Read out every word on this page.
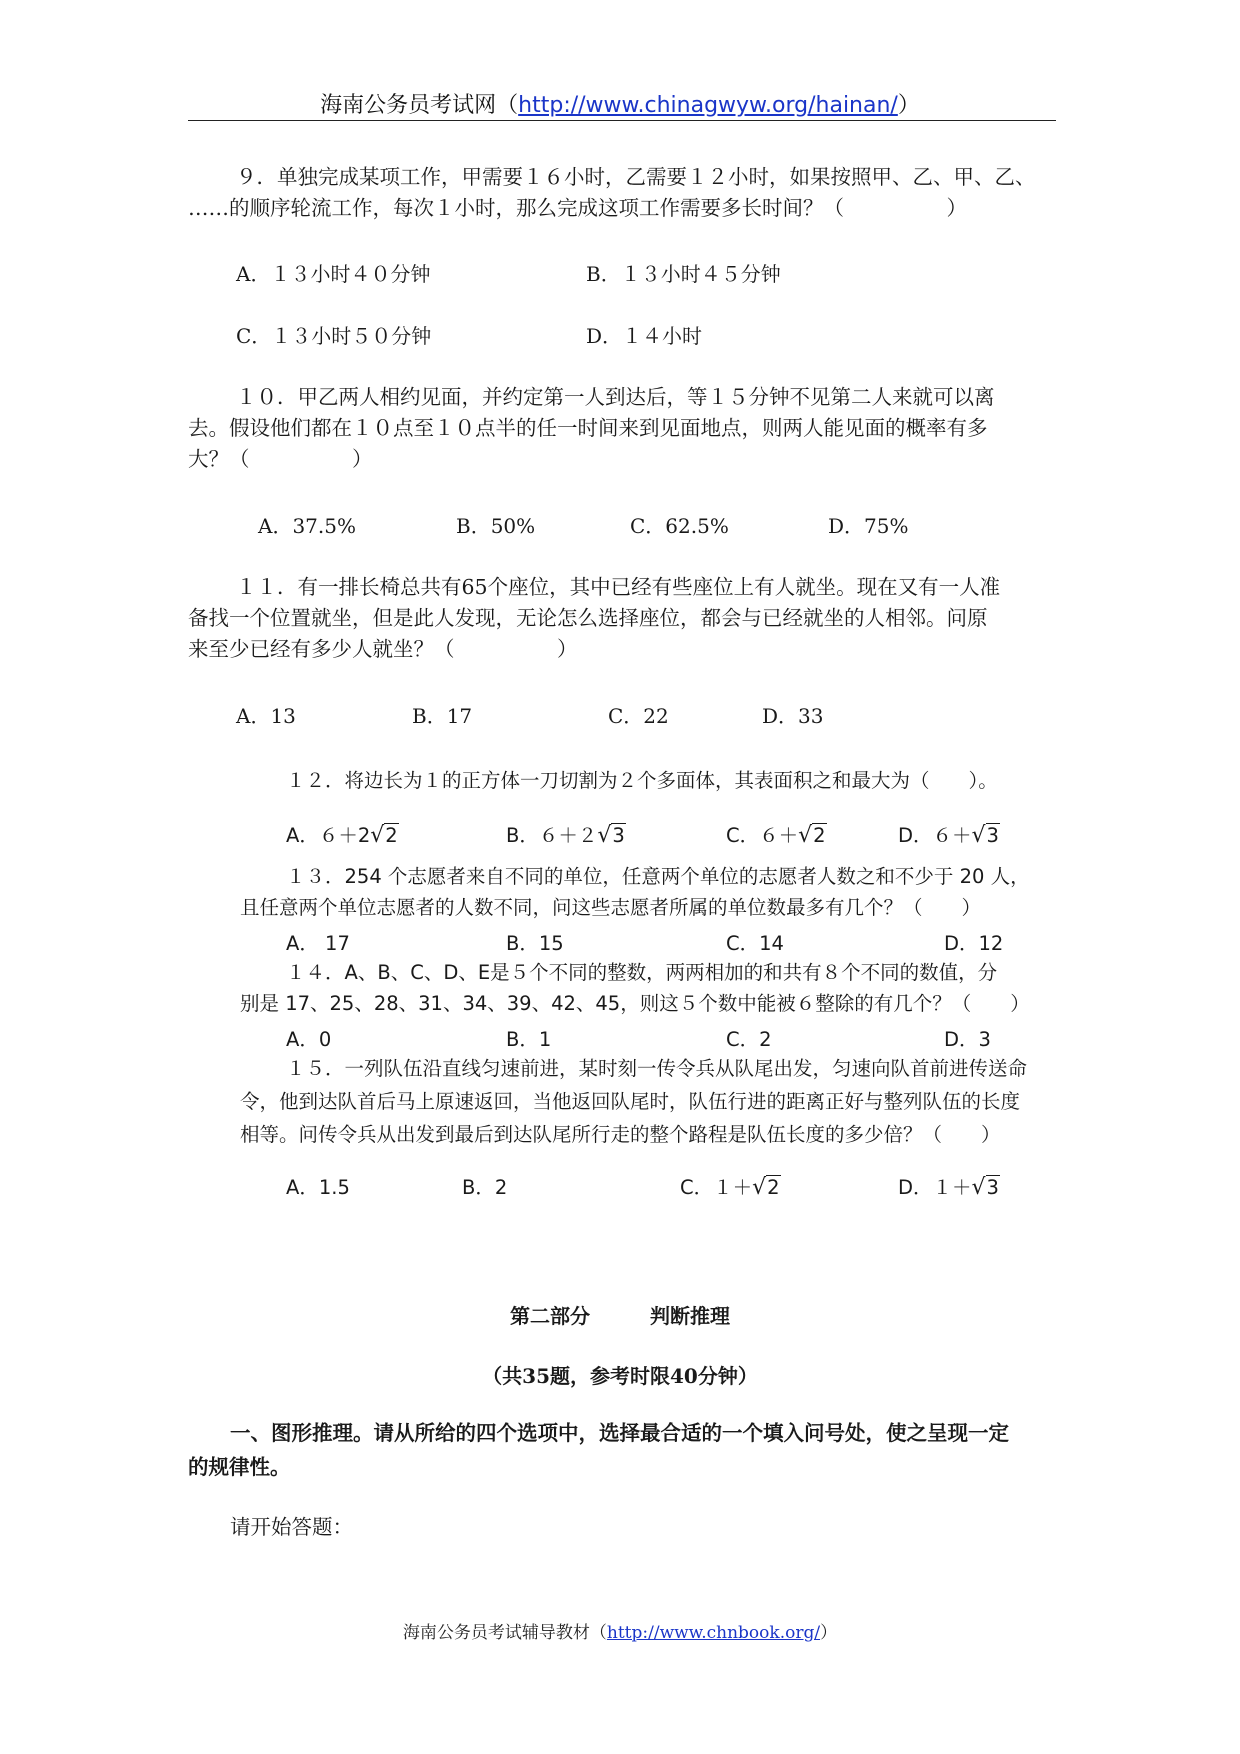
海南公务员考试网（http://www.chinagwyw.org/hainan/）
９．单独完成某项工作，甲需要１６小时，乙需要１２小时，如果按照甲、乙、甲、乙、
……的顺序轮流工作，每次１小时，那么完成这项工作需要多长时间？（　　　　　）
A．１３小时４０分钟	B．１３小时４５分钟
C．１３小时５０分钟	D．１４小时
１０．甲乙两人相约见面，并约定第一人到达后，等１５分钟不见第二人来就可以离
去。假设他们都在１０点至１０点半的任一时间来到见面地点，则两人能见面的概率有多
大？（　　　　　）
A．37.5%	B．50%	C．62.5%	D．75%
１１．有一排长椅总共有65个座位，其中已经有些座位上有人就坐。现在又有一人准
备找一个位置就坐，但是此人发现，无论怎么选择座位，都会与已经就坐的人相邻。问原
来至少已经有多少人就坐？（　　　　　）
A．13	B．17	C．22	D．33
１２．将边长为１的正方体一刀切割为２个多面体，其表面积之和最大为（　　）。
A．６＋2√2	B．６＋２√3	C．６＋√2	D．６＋√3
１３．254 个志愿者来自不同的单位，任意两个单位的志愿者人数之和不少于 20 人，
且任意两个单位志愿者的人数不同，问这些志愿者所属的单位数最多有几个？（　　）
A． 17	B．15	C．14	D．12
１４．A、B、C、D、E是５个不同的整数，两两相加的和共有８个不同的数值，分
别是 17、25、28、31、34、39、42、45，则这５个数中能被６整除的有几个？（　　）
A．0	B．1	C．2	D．3
１５．一列队伍沿直线匀速前进，某时刻一传令兵从队尾出发，匀速向队首前进传送命
令，他到达队首后马上原速返回，当他返回队尾时，队伍行进的距离正好与整列队伍的长度
相等。问传令兵从出发到最后到达队尾所行走的整个路程是队伍长度的多少倍？（　　）
A．1.5	B．2	C．１＋√2	D．１＋√3
第二部分　　　判断推理
（共35题，参考时限40分钟）
一、图形推理。请从所给的四个选项中，选择最合适的一个填入问号处，使之呈现一定
的规律性。
请开始答题：
海南公务员考试辅导教材（http://www.chnbook.org/）
